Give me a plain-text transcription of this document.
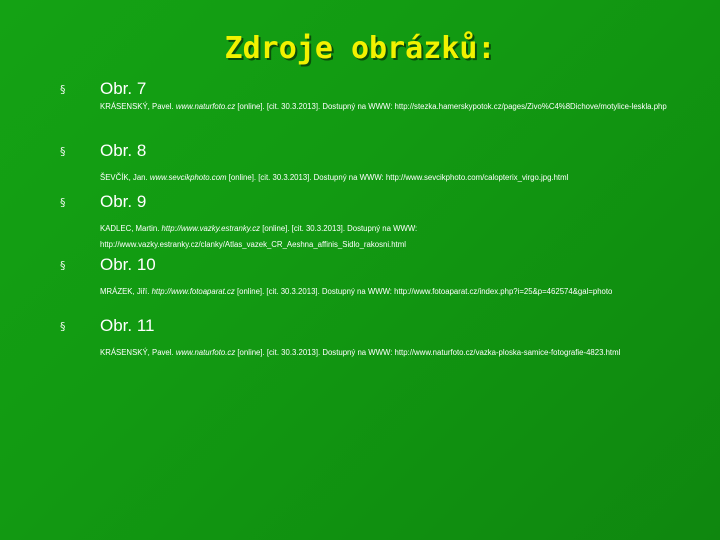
Zdroje obrázků:
§	Obr. 7
KRÁSENSKÝ, Pavel. www.naturfoto.cz [online]. [cit. 30.3.2013]. Dostupný na WWW: http://stezka.hamerskypotok.cz/pages/Zivo%C4%8Dichove/motylice-leskla.php
§	Obr. 8
ŠEVČÍK, Jan. www.sevcikphoto.com [online]. [cit. 30.3.2013]. Dostupný na WWW: http://www.sevcikphoto.com/calopterix_virgo.jpg.html
§	Obr. 9
KADLEC, Martin. http://www.vazky.estranky.cz [online]. [cit. 30.3.2013]. Dostupný na WWW: http://www.vazky.estranky.cz/clanky/Atlas_vazek_CR_Aeshna_affinis_Sidlo_rakosni.html
§	Obr. 10
MRÁZEK, Jiří. http://www.fotoaparat.cz [online]. [cit. 30.3.2013]. Dostupný na WWW: http://www.fotoaparat.cz/index.php?i=25&p=462574&gal=photo
§	Obr. 11
KRÁSENSKÝ, Pavel. www.naturfoto.cz [online]. [cit. 30.3.2013]. Dostupný na WWW: http://www.naturfoto.cz/vazka-ploska-samice-fotografie-4823.html
